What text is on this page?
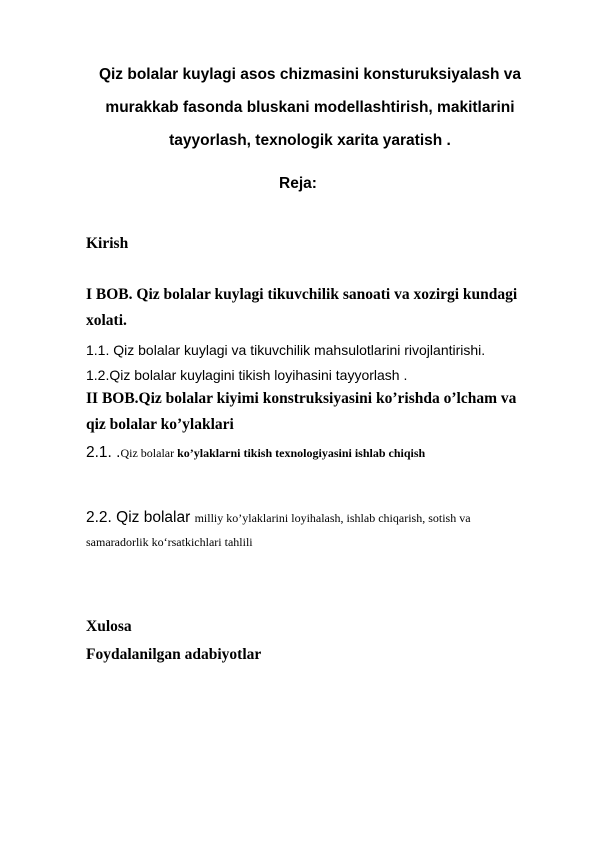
Qiz bolalar kuylagi asos chizmasini konsturuksiyalash va
murakkab fasonda bluskani modellashtirish, makitlarini
tayyorlash, texnologik xarita yaratish .
Reja:
Kirish
I BOB. Qiz bolalar kuylagi tikuvchilik sanoati va xozirgi kundagi
xolati.
1.1. Qiz bolalar kuylagi va tikuvchilik mahsulotlarini rivojlantirishi.
1.2.Qiz bolalar kuylagini tikish loyihasini tayyorlash .
II BOB.Qiz bolalar kiyimi konstruksiyasini ko’rishda o’lcham va
qiz bolalar ko’ylaklari
2.1. .Qiz bolalar ko’ylaklarni tikish texnologiyasini ishlab chiqish
2.2. Qiz bolalar milliy ko’ylaklarini loyihalash, ishlab chiqarish, sotish va
samaradorlik ko‘rsatkichlari tahlili
Xulosa
Foydalanilgan adabiyotlar
